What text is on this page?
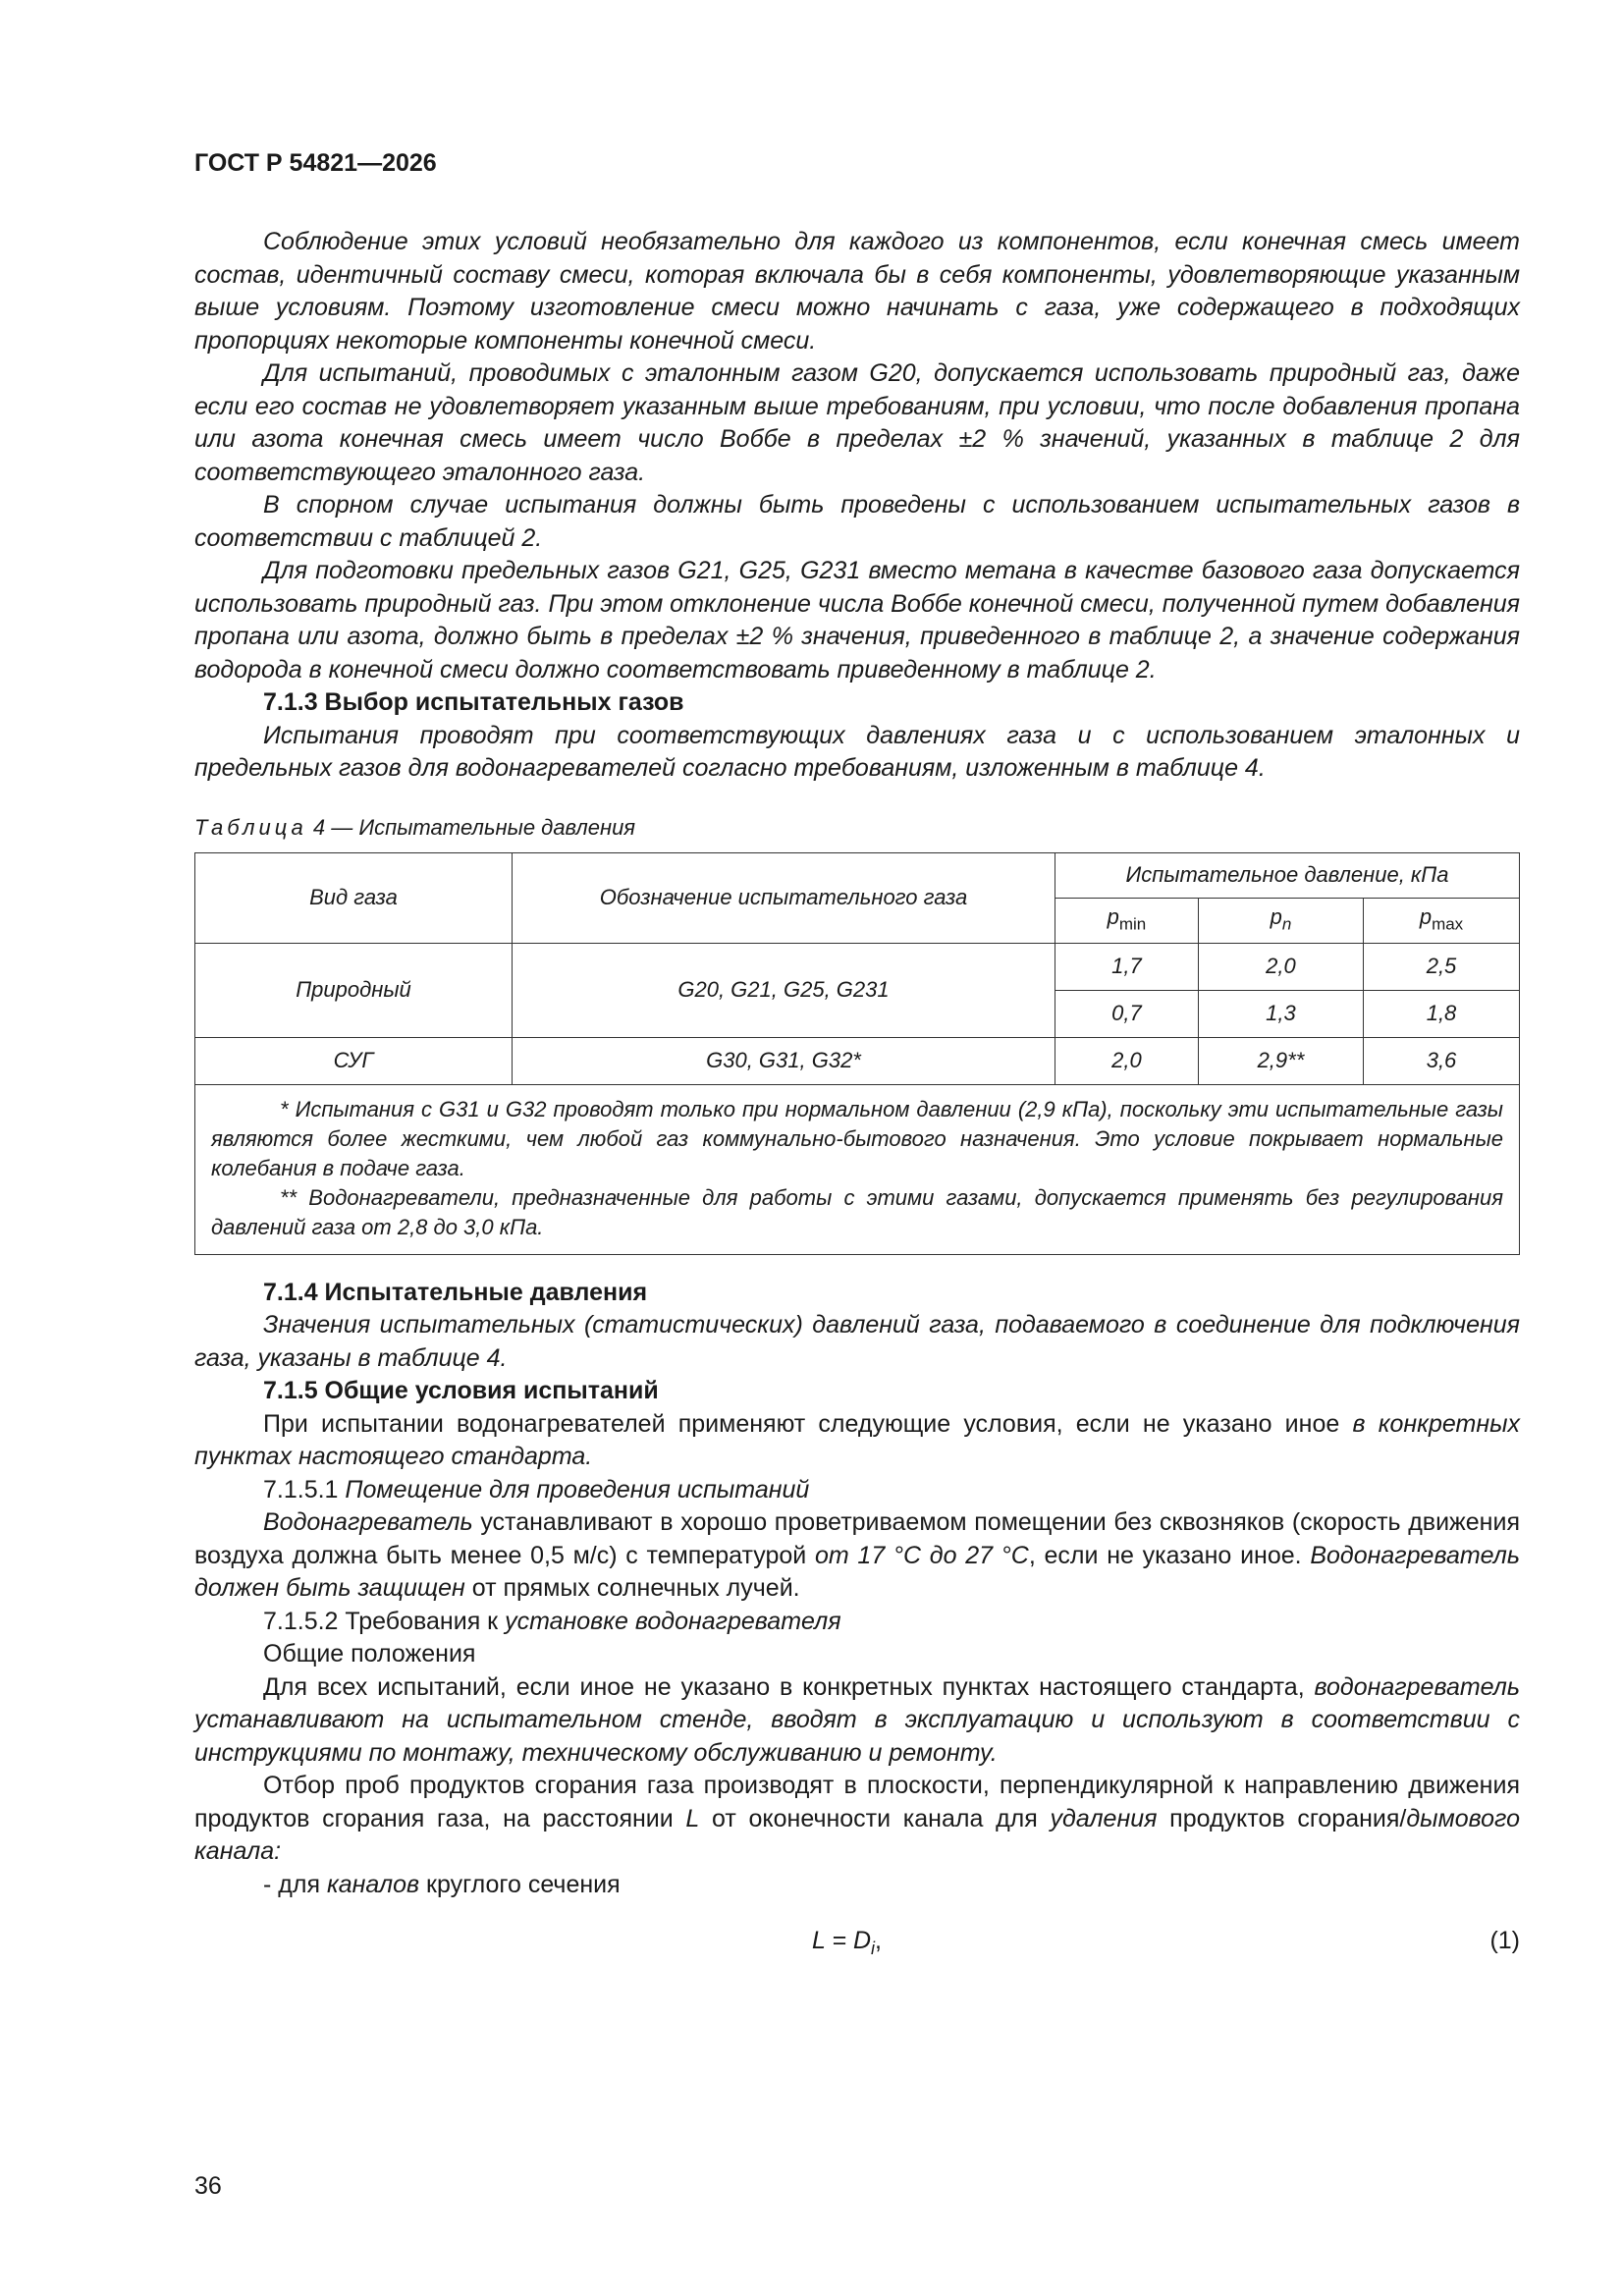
ГОСТ Р 54821—2026

Соблюдение этих условий необязательно для каждого из компонентов, если конечная смесь имеет состав, идентичный составу смеси, которая включала бы в себя компоненты, удовлетворяющие указанным выше условиям. Поэтому изготовление смеси можно начинать с газа, уже содержащего в подходящих пропорциях некоторые компоненты конечной смеси.

Для испытаний, проводимых с эталонным газом G20, допускается использовать природный газ, даже если его состав не удовлетворяет указанным выше требованиям, при условии, что после добавления пропана или азота конечная смесь имеет число Воббе в пределах ±2 % значений, указанных в таблице 2 для соответствующего эталонного газа.

В спорном случае испытания должны быть проведены с использованием испытательных газов в соответствии с таблицей 2.

Для подготовки предельных газов G21, G25, G231 вместо метана в качестве базового газа допускается использовать природный газ. При этом отклонение числа Воббе конечной смеси, полученной путем добавления пропана или азота, должно быть в пределах ±2 % значения, приведенного в таблице 2, а значение содержания водорода в конечной смеси должно соответствовать приведенному в таблице 2.

7.1.3 Выбор испытательных газов

Испытания проводят при соответствующих давлениях газа и с использованием эталонных и предельных газов для водонагревателей согласно требованиям, изложенным в таблице 4.

Таблица 4 — Испытательные давления
Вид газа	Обозначение испытательного газа	Испытательное давление, кПа		
		$p_{min}$	$p_n$	$p_{max}$
Природный	G20, G21, G25, G231	1,7	2,0	2,5
		0,7	1,3	1,8
СУГ	G30, G31, G32*	2,0	2,9**	3,6

* Испытания с G31 и G32 проводят только при нормальном давлении (2,9 кПа), поскольку эти испытательные газы являются более жесткими, чем любой газ коммунально-бытового назначения. Это условие покрывает нормальные колебания в подаче газа.
** Водонагреватели, предназначенные для работы с этими газами, допускается применять без регулирования давлений газа от 2,8 до 3,0 кПа.				
7.1.4 Испытательные давления

Значения испытательных (статистических) давлений газа, подаваемого в соединение для подключения газа, указаны в таблице 4.

7.1.5 Общие условия испытаний

При испытании водонагревателей применяют следующие условия, если не указано иное в конкретных пунктах настоящего стандарта.

7.1.5.1 Помещение для проведения испытаний

Водонагреватель устанавливают в хорошо проветриваемом помещении без сквозняков (скорость движения воздуха должна быть менее 0,5 м/с) с температурой от 17 °С до 27 °С, если не указано иное. Водонагреватель должен быть защищен от прямых солнечных лучей.

7.1.5.2 Требования к установке водонагревателя

Общие положения

Для всех испытаний, если иное не указано в конкретных пунктах настоящего стандарта, водонагреватель устанавливают на испытательном стенде, вводят в эксплуатацию и используют в соответствии с инструкциями по монтажу, техническому обслуживанию и ремонту.

Отбор проб продуктов сгорания газа производят в плоскости, перпендикулярной к направлению движения продуктов сгорания газа, на расстоянии L от оконечности канала для удаления продуктов сгорания/дымового канала:

- для каналов круглого сечения

$L = D_i$,	(1)
36
